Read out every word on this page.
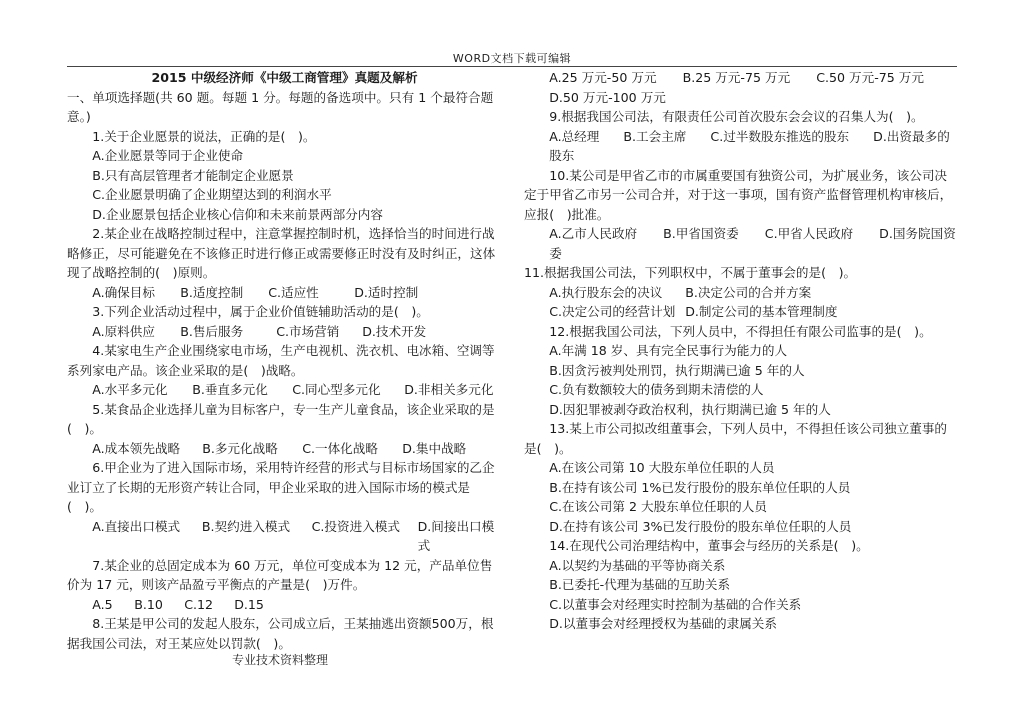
WORD文档下载可编辑

2015 中级经济师《中级工商管理》真题及解析

一、单项选择题(共 60 题。每题 1 分。每题的备选项中。只有 1 个最符合题意。)

1.关于企业愿景的说法，正确的是(　)。

A.企业愿景等同于企业使命

B.只有高层管理者才能制定企业愿景

C.企业愿景明确了企业期望达到的利润水平

D.企业愿景包括企业核心信仰和未来前景两部分内容

2.某企业在战略控制过程中，注意掌握控制时机，选择恰当的时间进行战略修正，尽可能避免在不该修正时进行修正或需要修正时没有及时纠正，这体现了战略控制的(　)原则。

A.确保目标	B.适度控制	C.适应性	D.适时控制

3.下列企业活动过程中，属于企业价值链辅助活动的是(　)。

A.原料供应	B.售后服务	C.市场营销	D.技术开发

4.某家电生产企业围绕家电市场，生产电视机、洗衣机、电冰箱、空调等系列家电产品。该企业采取的是(　)战略。

A.水平多元化	B.垂直多元化	C.同心型多元化	D.非相关多元化

5.某食品企业选择儿童为目标客户，专一生产儿童食品，该企业采取的是(　)。

A.成本领先战略	B.多元化战略	C.一体化战略	D.集中战略

6.甲企业为了进入国际市场，采用特许经营的形式与目标市场国家的乙企业订立了长期的无形资产转让合同，甲企业采取的进入国际市场的模式是(　)。

A.直接出口模式	B.契约进入模式	C.投资进入模式	D.间接出口模式

7.某企业的总固定成本为 60 万元，单位可变成本为 12 元，产品单位售价为 17 元，则该产品盈亏平衡点的产量是(　)万件。

A.5	B.10	C.12	D.15

8.王某是甲公司的发起人股东，公司成立后，王某抽逃出资额500万，根据我国公司法，对王某应处以罚款(　)。

A.25 万元-50 万元 B.25 万元-75 万元 C.50 万元-75 万元D.50 万元-100 万元

9.根据我国公司法，有限责任公司首次股东会会议的召集人为(　)。

A.总经理 B.工会主席 C.过半数股东推选的股东 D.出资最多的股东

10.某公司是甲省乙市的市属重要国有独资公司，为扩展业务，该公司决定于甲省乙市另一公司合并，对于这一事项，国有资产监督管理机构审核后，应报(　)批准。

A.乙市人民政府 B.甲省国资委 C.甲省人民政府 D.国务院国资委

11.根据我国公司法，下列职权中，不属于董事会的是(　)。

A.执行股东会的决议	B.决定公司的合并方案
C.决定公司的经营计划 D.制定公司的基本管理制度

12.根据我国公司法，下列人员中，不得担任有限公司监事的是(　)。

A.年满 18 岁、具有完全民事行为能力的人

B.因贪污被判处刑罚，执行期满已逾 5 年的人

C.负有数额较大的债务到期未清偿的人

D.因犯罪被剥夺政治权利，执行期满已逾 5 年的人

13.某上市公司拟改组董事会，下列人员中，不得担任该公司独立董事的是(　)。

A.在该公司第 10 大股东单位任职的人员

B.在持有该公司 1%已发行股份的股东单位任职的人员

C.在该公司第 2 大股东单位任职的人员

D.在持有该公司 3%已发行股份的股东单位任职的人员

14.在现代公司治理结构中，董事会与经历的关系是(　)。

A.以契约为基础的平等协商关系

B.已委托-代理为基础的互助关系

C.以董事会对经理实时控制为基础的合作关系

D.以董事会对经理授权为基础的隶属关系

专业技术资料整理
